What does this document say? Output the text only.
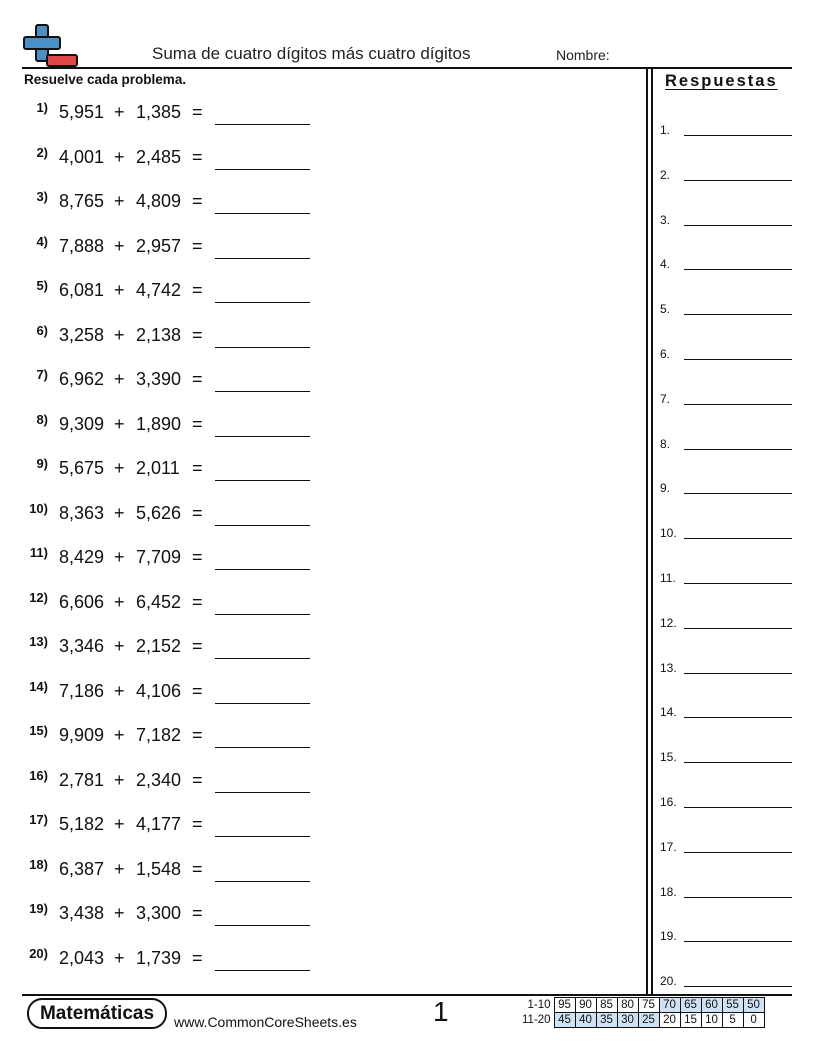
Suma de cuatro dígitos más cuatro dígitos	Nombre:
Resuelve cada problema.	Respuestas
1) 5,951 + 1,385 =
2) 4,001 + 2,485 =
3) 8,765 + 4,809 =
4) 7,888 + 2,957 =
5) 6,081 + 4,742 =
6) 3,258 + 2,138 =
7) 6,962 + 3,390 =
8) 9,309 + 1,890 =
9) 5,675 + 2,011 =
10) 8,363 + 5,626 =
11) 8,429 + 7,709 =
12) 6,606 + 6,452 =
13) 3,346 + 2,152 =
14) 7,186 + 4,106 =
15) 9,909 + 7,182 =
16) 2,781 + 2,340 =
17) 5,182 + 4,177 =
18) 6,387 + 1,548 =
19) 3,438 + 3,300 =
20) 2,043 + 1,739 =
1.
2.
3.
4.
5.
6.
7.
8.
9.
10.
11.
12.
13.
14.
15.
16.
17.
18.
19.
20.
Matemáticas	www.CommonCoreSheets.es	1	1-10	95	90	85	80	75	70	65	60	55	50
11-20	45	40	35	30	25	20	15	10	5	0
